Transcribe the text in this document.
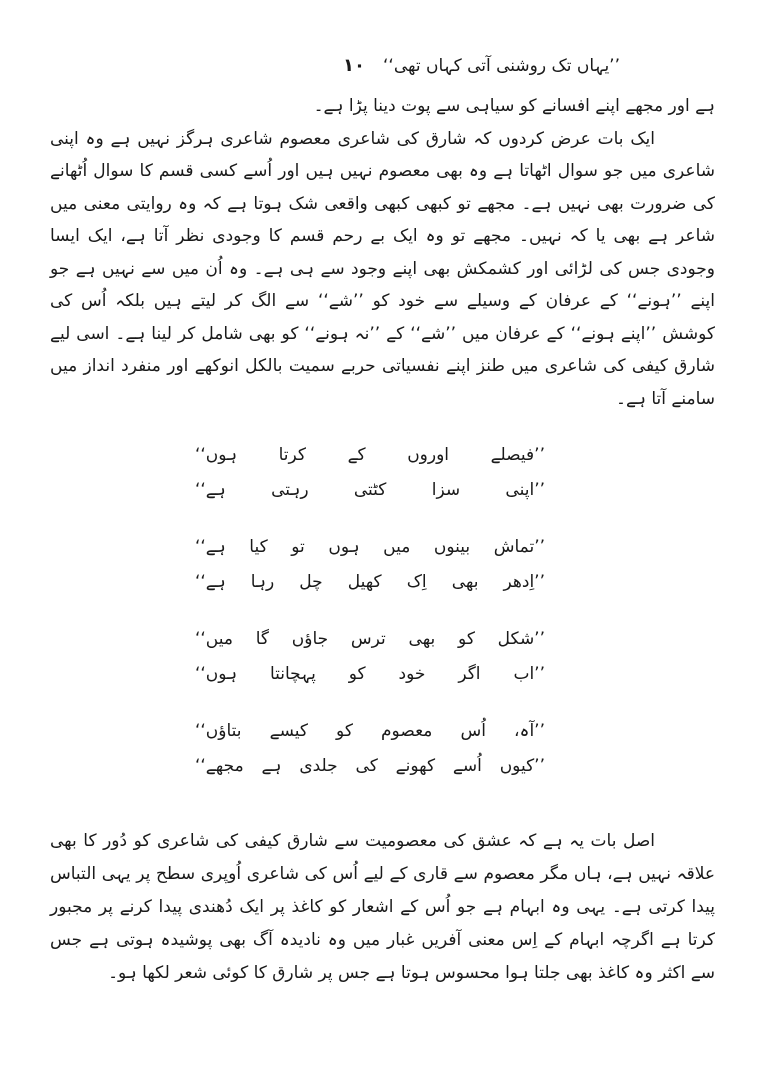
’’یہاں تک روشنی آتی کہاں تھی‘‘
۱۰

ہے اور مجھے اپنے افسانے کو سیاہی سے پوت دینا پڑا ہے۔

ایک بات عرض کردوں کہ شارق کی شاعری معصوم شاعری ہرگز نہیں ہے وہ اپنی شاعری میں جو سوال اٹھاتا ہے وہ بھی معصوم نہیں ہیں اور اُسے کسی قسم کا سوال اُٹھانے کی ضرورت بھی نہیں ہے۔ مجھے تو کبھی کبھی واقعی شک ہوتا ہے کہ وہ روایتی معنی میں شاعر ہے بھی یا کہ نہیں۔ مجھے تو وہ ایک بے رحم قسم کا وجودی نظر آتا ہے، ایک ایسا وجودی جس کی لڑائی اور کشمکش بھی اپنے وجود سے ہی ہے۔ وہ اُن میں سے نہیں ہے جو اپنے ’’ہونے‘‘ کے عرفان کے وسیلے سے خود کو ’’شے‘‘ سے الگ کر لیتے ہیں بلکہ اُس کی کوشش ’’اپنے ہونے‘‘ کے عرفان میں ’’شے‘‘ کے ’’نہ ہونے‘‘ کو بھی شامل کر لینا ہے۔ اسی لیے شارق کیفی کی شاعری میں طنز اپنے نفسیاتی حربے سمیت بالکل انوکھے اور منفرد انداز میں سامنے آتا ہے۔

’’فیصلے اوروں کے کرتا ہوں‘‘
’’اپنی سزا کٹتی رہتی ہے‘‘
’’تماش بینوں میں ہوں تو کیا ہے‘‘
’’اِدھر بھی اِک کھیل چل رہا ہے‘‘
’’شکل کو بھی ترس جاؤں گا میں‘‘
’’اب اگر خود کو پہچانتا ہوں‘‘
’’آہ، اُس معصوم کو کیسے بتاؤں‘‘
’’کیوں اُسے کھونے کی جلدی ہے مجھے‘‘

اصل بات یہ ہے کہ عشق کی معصومیت سے شارق کیفی کی شاعری کو دُور کا بھی علاقہ نہیں ہے، ہاں مگر معصوم سے قاری کے لیے اُس کی شاعری اُوپری سطح پر یہی التباس پیدا کرتی ہے۔ یہی وہ ابہام ہے جو اُس کے اشعار کو کاغذ پر ایک دُھندی پیدا کرنے پر مجبور کرتا ہے اگرچہ ابہام کے اِس معنی آفریں غبار میں وہ نادیدہ آگ بھی پوشیدہ ہوتی ہے جس سے اکثر وہ کاغذ بھی جلتا ہوا محسوس ہوتا ہے جس پر شارق کا کوئی شعر لکھا ہو۔
